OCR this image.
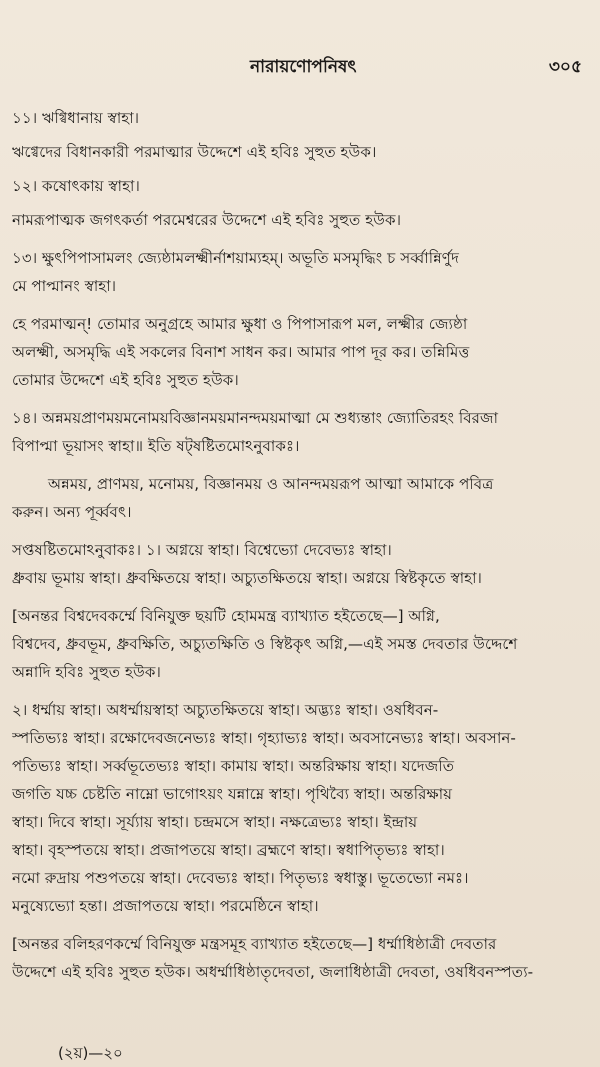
নারায়ণোপনিষৎ	৩০৫
১১। ঋগ্বিধানায় স্বাহা।
ঋগ্বেদের বিধানকারী পরমাত্মার উদ্দেশে এই হবিঃ সুহুত হউক।
১২। কষোৎকায় স্বাহা।
নামরূপাত্মক জগৎকর্তা পরমেশ্বরের উদ্দেশে এই হবিঃ সুহুত হউক।
১৩। ক্ষুৎপিপাসামলং জ্যেষ্ঠামলক্ষ্মীর্নাশয়াম্যহম্। অভূতি মসমৃদ্ধিং চ সর্ব্বান্নির্ণুদ
মে পাপ্মানং স্বাহা।
হে পরমাত্মন্! তোমার অনুগ্রহে আমার ক্ষুধা ও পিপাসারূপ মল, লক্ষ্মীর জ্যেষ্ঠা
অলক্ষ্মী, অসমৃদ্ধি এই সকলের বিনাশ সাধন কর। আমার পাপ দূর কর। তন্নিমিত্ত
তোমার উদ্দেশে এই হবিঃ সুহুত হউক।
১৪। অন্নময়প্রাণময়মনোময়বিজ্ঞানময়মানন্দময়মাত্মা মে শুধ্যন্তাং জ্যোতিরহং বিরজা
বিপাপ্মা ভূয়াসং স্বাহা॥ ইতি ষট্‌ষষ্টিতমোঽনুবাকঃ।
অন্নময়, প্রাণময়, মনোময়, বিজ্ঞানময় ও আনন্দময়রূপ আত্মা আমাকে পবিত্র
করুন। অন্য পূর্ব্ববৎ।
সপ্তষষ্টিতমোঽনুবাকঃ। ১। অগ্নয়ে স্বাহা। বিশ্বেভ্যো দেবেভ্যঃ স্বাহা।
ধ্রুবায় ভূমায় স্বাহা। ধ্রুবক্ষিতয়ে স্বাহা। অচ্যুতক্ষিতয়ে স্বাহা। অগ্নয়ে স্বিষ্টকৃতে স্বাহা।
[অনন্তর বিশ্বদেবকর্ম্মে বিনিযুক্ত ছয়টি হোমমন্ত্র ব্যাখ্যাত হইতেছে—] অগ্নি,
বিশ্বদেব, ধ্রুবভূম, ধ্রুবক্ষিতি, অচ্যুতক্ষিতি ও স্বিষ্টকৃৎ অগ্নি,—এই সমস্ত দেবতার উদ্দেশে
অন্নাদি হবিঃ সুহুত হউক।
২। ধর্ম্মায় স্বাহা। অধর্ম্মায়স্বাহা অচ্যুতক্ষিতয়ে স্বাহা। অদ্ভ্যঃ স্বাহা। ওষধিবন-
স্পতিভ্যঃ স্বাহা। রক্ষোদেবজনেভ্যঃ স্বাহা। গৃহ্যাভ্যঃ স্বাহা। অবসানেভ্যঃ স্বাহা। অবসান-
পতিভ্যঃ স্বাহা। সর্ব্বভূতেভ্যঃ স্বাহা। কামায় স্বাহা। অন্তরিক্ষায় স্বাহা। যদেজতি
জগতি যচ্চ চেষ্টতি নাম্নো ভাগোঽয়ং যন্নাম্নে স্বাহা। পৃথিব্যৈ স্বাহা। অন্তরিক্ষায়
স্বাহা। দিবে স্বাহা। সূর্য্যায় স্বাহা। চন্দ্রমসে স্বাহা। নক্ষত্রেভ্যঃ স্বাহা। ইন্দ্রায়
স্বাহা। বৃহস্পতয়ে স্বাহা। প্রজাপতয়ে স্বাহা। ব্রহ্মণে স্বাহা। স্বধাপিতৃভ্যঃ স্বাহা।
নমো রুদ্রায় পশুপতয়ে স্বাহা। দেবেভ্যঃ স্বাহা। পিতৃভ্যঃ স্বধাস্তু। ভূতেভ্যো নমঃ।
মনুষ্যেভ্যো হন্তা। প্রজাপতয়ে স্বাহা। পরমেষ্ঠিনে স্বাহা।
[অনন্তর বলিহরণকর্ম্মে বিনিযুক্ত মন্ত্রসমূহ ব্যাখ্যাত হইতেছে—] ধর্ম্মাধিষ্ঠাত্রী দেবতার
উদ্দেশে এই হবিঃ সুহুত হউক। অধর্ম্মাধিষ্ঠাতৃদেবতা, জলাধিষ্ঠাত্রী দেবতা, ওষধিবনস্পত্য-
(২য়)—২০
